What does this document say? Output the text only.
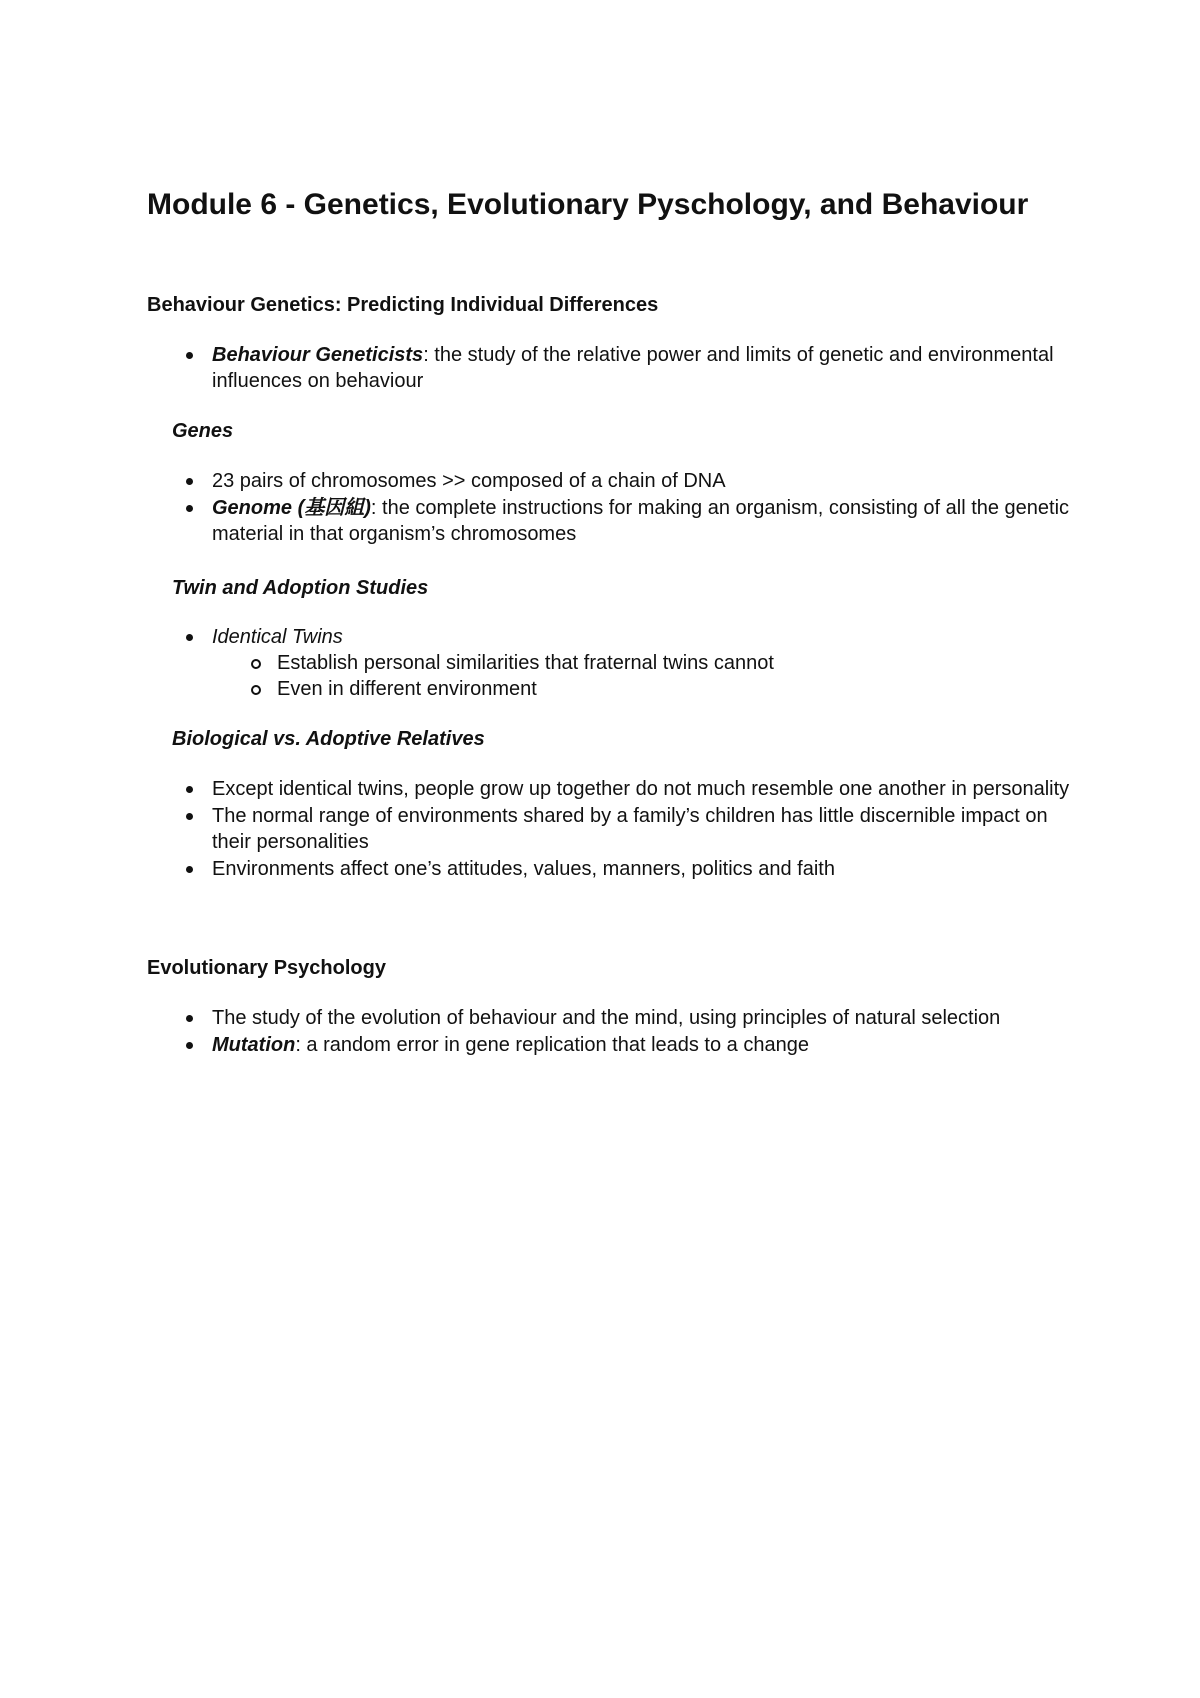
Module 6 - Genetics, Evolutionary Pyschology, and Behaviour
Behaviour Genetics: Predicting Individual Differences
Behaviour Geneticists: the study of the relative power and limits of genetic and environmental influences on behaviour
Genes
23 pairs of chromosomes >> composed of a chain of DNA
Genome (基因組): the complete instructions for making an organism, consisting of all the genetic material in that organism’s chromosomes
Twin and Adoption Studies
Identical Twins
Establish personal similarities that fraternal twins cannot
Even in different environment
Biological vs. Adoptive Relatives
Except identical twins, people grow up together do not much resemble one another in personality
The normal range of environments shared by a family’s children has little discernible impact on their personalities
Environments affect one’s attitudes, values, manners, politics and faith
Evolutionary Psychology
The study of the evolution of behaviour and the mind, using principles of natural selection
Mutation: a random error in gene replication that leads to a change
